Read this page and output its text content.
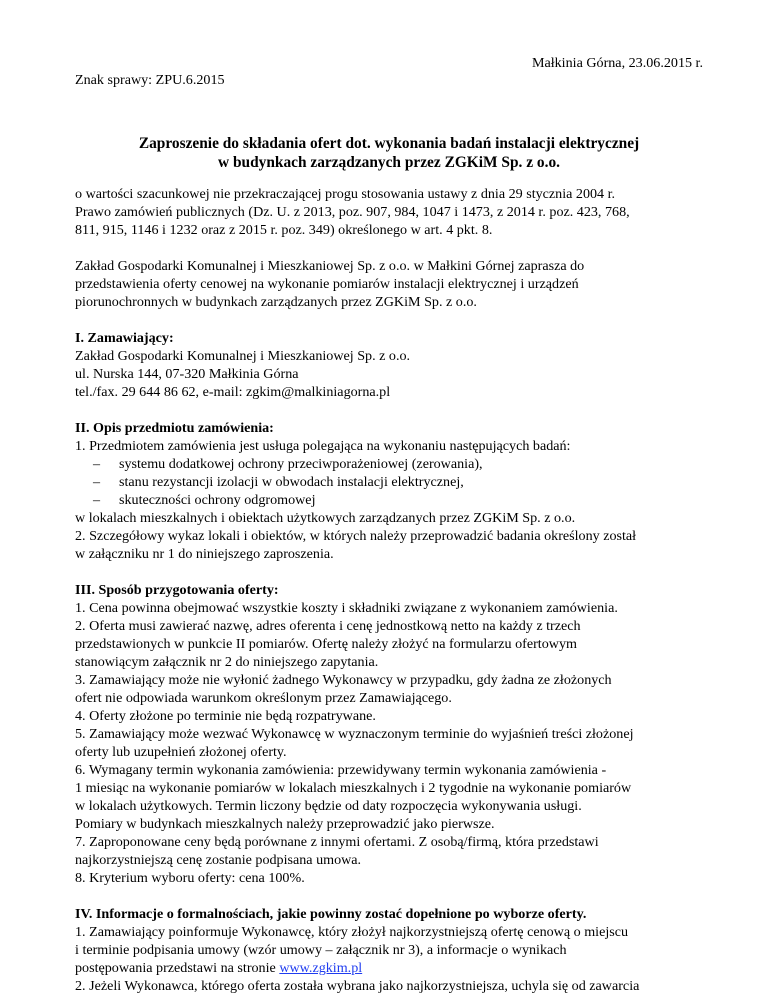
Małkinia Górna, 23.06.2015 r.
Znak sprawy: ZPU.6.2015
Zaproszenie do składania ofert dot. wykonania badań instalacji elektrycznej
w budynkach zarządzanych przez ZGKiM Sp. z o.o.

o wartości szacunkowej nie przekraczającej progu stosowania ustawy z dnia 29 stycznia 2004 r.

Prawo zamówień publicznych (Dz. U. z 2013, poz. 907, 984, 1047 i 1473, z 2014 r. poz. 423, 768,

811, 915, 1146 i 1232 oraz z 2015 r. poz. 349) określonego w art. 4 pkt. 8.

Zakład Gospodarki Komunalnej i Mieszkaniowej Sp. z o.o. w Małkini Górnej zaprasza do

przedstawienia oferty cenowej na wykonanie pomiarów instalacji elektrycznej i urządzeń

piorunochronnych w budynkach zarządzanych przez ZGKiM Sp. z o.o.

I. Zamawiający:

Zakład Gospodarki Komunalnej i Mieszkaniowej Sp. z o.o.

ul. Nurska 144, 07-320 Małkinia Górna

tel./fax. 29 644 86 62, e-mail: zgkim@malkiniagorna.pl

II. Opis przedmiotu zamówienia:

1. Przedmiotem zamówienia jest usługa polegająca na wykonaniu następujących badań:

– systemu dodatkowej ochrony przeciwporażeniowej (zerowania),

– stanu rezystancji izolacji w obwodach instalacji elektrycznej,

– skuteczności ochrony odgromowej

w lokalach mieszkalnych i obiektach użytkowych zarządzanych przez ZGKiM Sp. z o.o.

2. Szczegółowy wykaz lokali i obiektów, w których należy przeprowadzić badania określony został

w załączniku nr 1 do niniejszego zaproszenia.

III. Sposób przygotowania oferty:

1. Cena powinna obejmować wszystkie koszty i składniki związane z wykonaniem zamówienia.

2. Oferta musi zawierać nazwę, adres oferenta i cenę jednostkową netto na każdy z trzech

przedstawionych w punkcie II pomiarów. Ofertę należy złożyć na formularzu ofertowym

stanowiącym załącznik nr 2 do niniejszego zapytania.

3. Zamawiający może nie wyłonić żadnego Wykonawcy w przypadku, gdy żadna ze złożonych

ofert nie odpowiada warunkom określonym przez Zamawiającego.

4. Oferty złożone po terminie nie będą rozpatrywane.

5. Zamawiający może wezwać Wykonawcę w wyznaczonym terminie do wyjaśnień treści złożonej

oferty lub uzupełnień złożonej oferty.

6. Wymagany termin wykonania zamówienia: przewidywany termin wykonania zamówienia -

1 miesiąc na wykonanie pomiarów w lokalach mieszkalnych i 2 tygodnie na wykonanie pomiarów

w lokalach użytkowych. Termin liczony będzie od daty rozpoczęcia wykonywania usługi.

Pomiary w budynkach mieszkalnych należy przeprowadzić jako pierwsze.

7. Zaproponowane ceny będą porównane z innymi ofertami. Z osobą/firmą, która przedstawi

najkorzystniejszą cenę zostanie podpisana umowa.

8. Kryterium wyboru oferty: cena 100%.

IV. Informacje o formalnościach, jakie powinny zostać dopełnione po wyborze oferty.

1. Zamawiający poinformuje Wykonawcę, który złożył najkorzystniejszą ofertę cenową o miejscu

i terminie podpisania umowy (wzór umowy – załącznik nr 3), a informacje o wynikach

postępowania przedstawi na stronie www.zgkim.pl

2. Jeżeli Wykonawca, którego oferta została wybrana jako najkorzystniejsza, uchyla się od zawarcia
